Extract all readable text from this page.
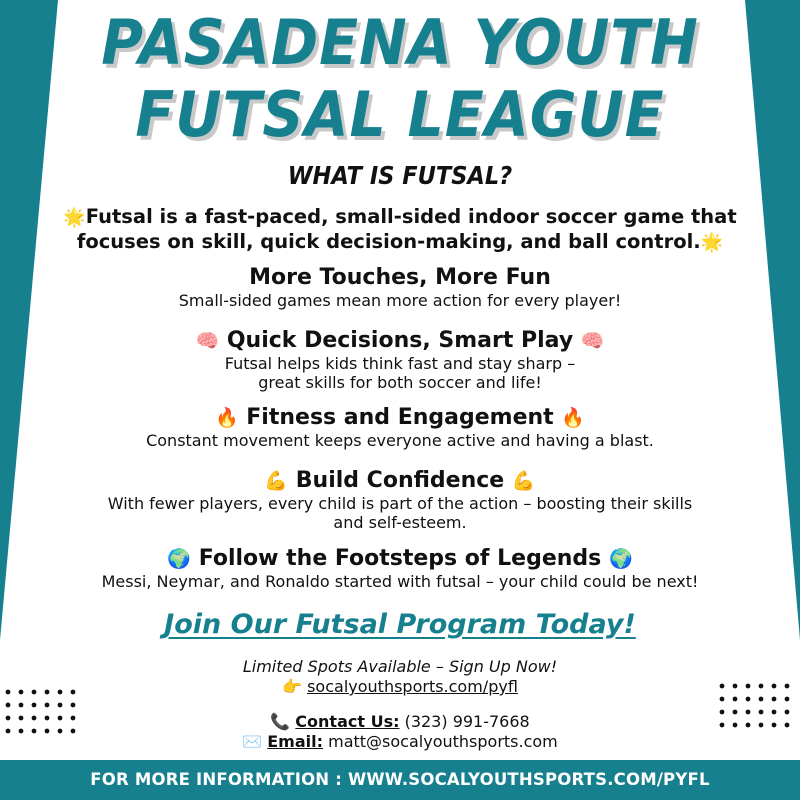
PASADENA YOUTH
FUTSAL LEAGUE
WHAT IS FUTSAL?
🌟Futsal is a fast-paced, small-sided indoor soccer game that
focuses on skill, quick decision-making, and ball control.🌟
More Touches, More Fun
Small-sided games mean more action for every player!
🧠 Quick Decisions, Smart Play 🧠
Futsal helps kids think fast and stay sharp –
great skills for both soccer and life!
🔥 Fitness and Engagement 🔥
Constant movement keeps everyone active and having a blast.
💪 Build Confidence 💪
With fewer players, every child is part of the action – boosting their skills
and self-esteem.
🌍 Follow the Footsteps of Legends 🌍
Messi, Neymar, and Ronaldo started with futsal – your child could be next!
Join Our Futsal Program Today!
Limited Spots Available – Sign Up Now!
👉 socalyouthsports.com/pyfl
📞 Contact Us: (323) 991-7668
✉️ Email: matt@socalyouthsports.com
FOR MORE INFORMATION : WWW.SOCALYOUTHSPORTS.COM/PYFL
